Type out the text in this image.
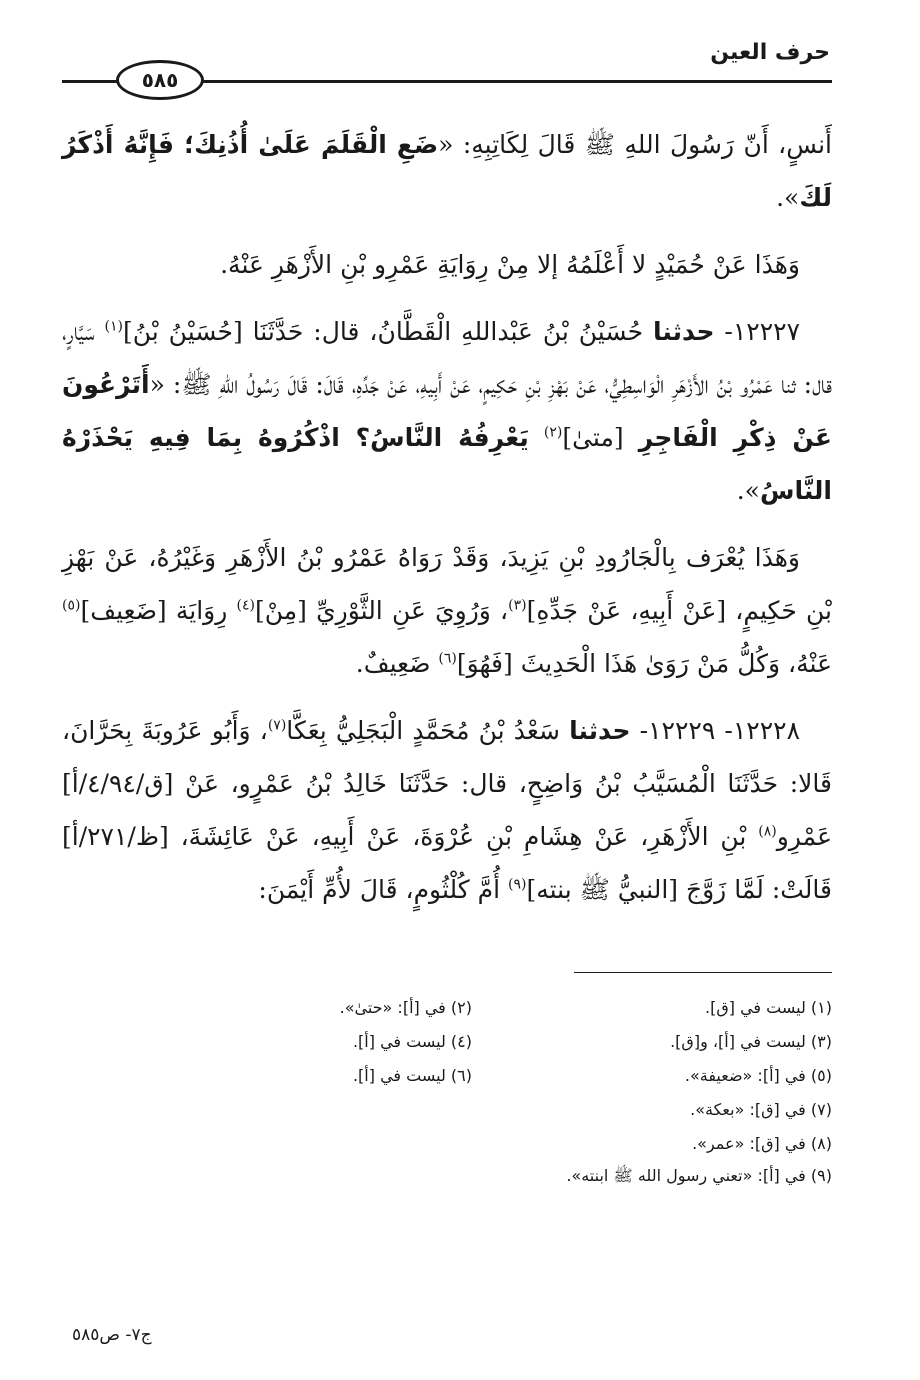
حرف العين
٥٨٥

أَنسٍ، أَنّ رَسُولَ اللهِ ﷺ قَالَ لِكَاتِبِهِ: «ضَعِ الْقَلَمَ عَلَىٰ أُذُنِكَ؛ فَإِنَّهُ أَذْكَرُ لَكَ».

وَهَذَا عَنْ حُمَيْدٍ لا أَعْلَمُهُ إلا مِنْ رِوَايَةِ عَمْرِو بْنِ الأَزْهَرِ عَنْهُ.

١٢٢٢٧- حدثنا حُسَيْنُ بْنُ عَبْداللهِ الْقَطَّانُ، قال: حَدَّثَنَا [حُسَيْنُ بْنُ]$^{(١)}$ سَيَّارٍ، قال: ثنا عَمْرُو بْنُ الأَزْهَرِ الْوَاسِطِيُّ، عَنْ بَهْزِ بْنِ حَكِيمٍ، عَنْ أَبِيهِ، عَنْ جَدِّهِ، قَالَ: قَالَ رَسُولُ اللهِ ﷺ: «أَتَرْعُونَ عَنْ ذِكْرِ الْفَاجِرِ [متىٰ]$^{(٢)}$ يَعْرِفُهُ النَّاسُ؟ اذْكُرُوهُ بِمَا فِيهِ يَحْذَرْهُ النَّاسُ».

وَهَذَا يُعْرَف بِالْجَارُودِ بْنِ يَزِيدَ، وَقَدْ رَوَاهُ عَمْرُو بْنُ الأَزْهَرِ وَغَيْرُهُ، عَنْ بَهْزِ بْنِ حَكِيمٍ، [عَنْ أَبِيهِ، عَنْ جَدِّهِ]$^{(٣)}$، وَرُوِيَ عَنِ الثَّوْرِيِّ [مِنْ]$^{(٤)}$ رِوَايَة [ضَعِيف]$^{(٥)}$ عَنْهُ، وَكُلُّ مَنْ رَوَىٰ هَذَا الْحَدِيثَ [فَهُوَ]$^{(٦)}$ ضَعِيفٌ.

١٢٢٢٨- ١٢٢٢٩- حدثنا سَعْدُ بْنُ مُحَمَّدٍ الْبَجَلِيُّ بِعَكَّا$^{(٧)}$، وَأَبُو عَرُوبَةَ بِحَرَّانَ، قَالا: حَدَّثَنَا الْمُسَيَّبُ بْنُ وَاضِحٍ، قال: حَدَّثَنَا خَالِدُ بْنُ عَمْرٍو، عَنْ [ق/٤/٩٤/أ] عَمْرِو$^{(٨)}$ بْنِ الأَزْهَرِ، عَنْ هِشَامِ بْنِ عُرْوَةَ، عَنْ أَبِيهِ، عَنْ عَائِشَةَ، [ظ/٢٧١/أ] قَالَتْ: لَمَّا زَوَّجَ [النبيُّ ﷺ بنته]$^{(٩)}$ أُمَّ كُلْثُومٍ، قَالَ لأُمِّ أَيْمَنَ:

(١) ليست في [ق].
(٢) في [أ]: «حتىٰ».
(٣) ليست في [أ]، و[ق].
(٤) ليست في [أ].
(٥) في [أ]: «ضعيفة».
(٦) ليست في [أ].
(٧) في [ق]: «بعكة».
(٨) في [ق]: «عمر».
(٩) في [أ]: «تعني رسول الله ﷺ ابنته».
ج٧- ص٥٨٥
